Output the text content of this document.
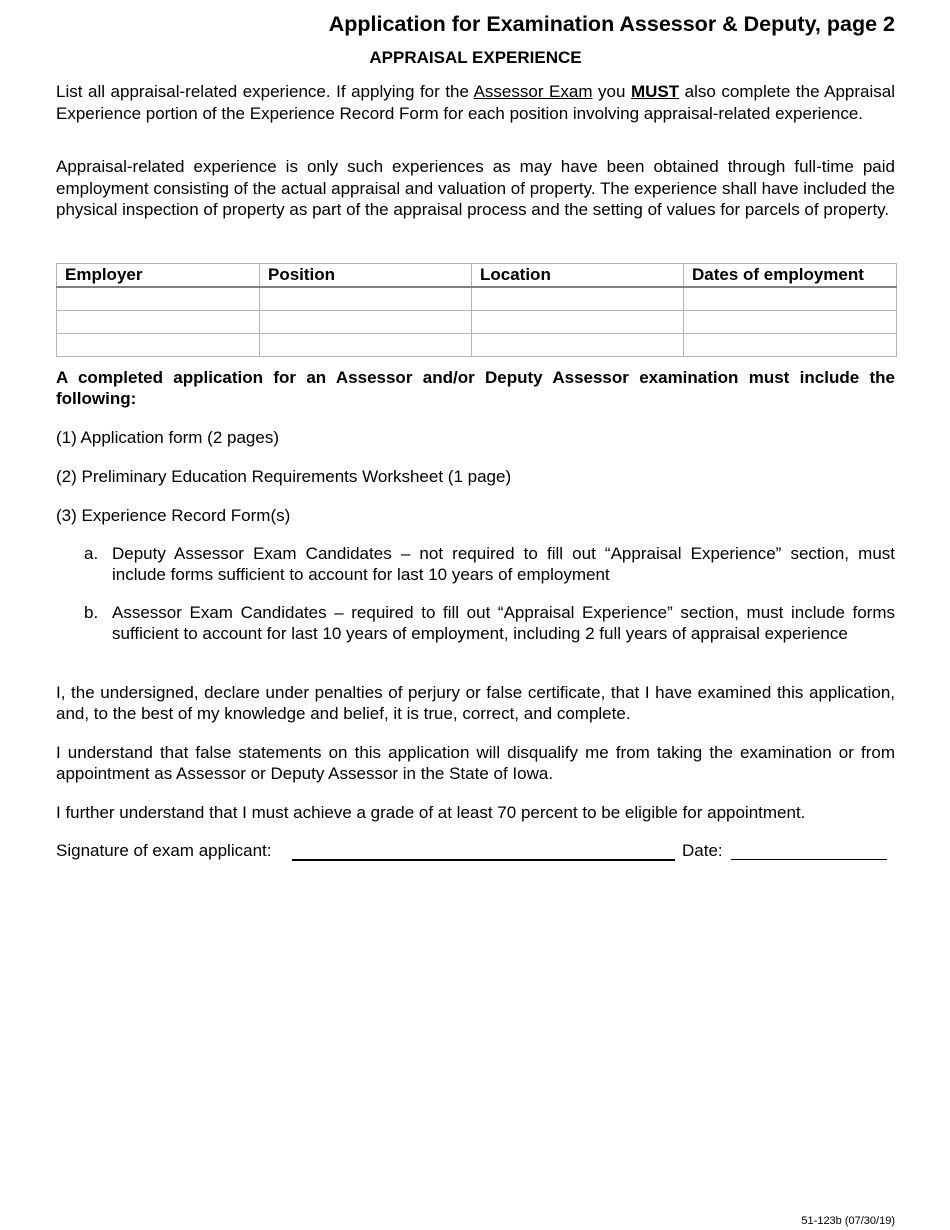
Application for Examination Assessor & Deputy, page 2
APPRAISAL EXPERIENCE

List all appraisal-related experience. If applying for the Assessor Exam you MUST also complete the Appraisal Experience portion of the Experience Record Form for each position involving appraisal-related experience.

Appraisal-related experience is only such experiences as may have been obtained through full-time paid employment consisting of the actual appraisal and valuation of property. The experience shall have included the physical inspection of property as part of the appraisal process and the setting of values for parcels of property.

Employer	Position	Location	Dates of employment

A completed application for an Assessor and/or Deputy Assessor examination must include the following:

(1) Application form (2 pages)

(2) Preliminary Education Requirements Worksheet (1 page)

(3) Experience Record Form(s)

a. Deputy Assessor Exam Candidates – not required to fill out “Appraisal Experience” section, must include forms sufficient to account for last 10 years of employment
b. Assessor Exam Candidates – required to fill out “Appraisal Experience” section, must include forms sufficient to account for last 10 years of employment, including 2 full years of appraisal experience

I, the undersigned, declare under penalties of perjury or false certificate, that I have examined this application, and, to the best of my knowledge and belief, it is true, correct, and complete.

I understand that false statements on this application will disqualify me from taking the examination or from appointment as Assessor or Deputy Assessor in the State of Iowa.

I further understand that I must achieve a grade of at least 70 percent to be eligible for appointment.

Signature of exam applicant:	Date:
51-123b (07/30/19)
